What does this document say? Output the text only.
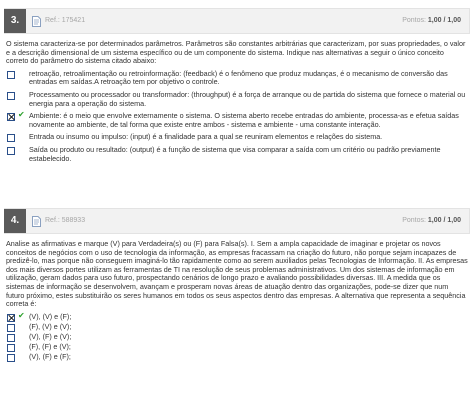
3.	Ref.: 175421	Pontos: 1,00 / 1,00
O sistema caracteriza-se por determinados parâmetros. Parâmetros são constantes arbitrárias que caracterizam, por suas propriedades, o valor e a descrição dimensional de um sistema específico ou de um componente do sistema. Indique nas alternativas a seguir o único conceito correto do parâmetro do sistema citado abaixo:
retroação, retroalimentação ou retroinformação: (feedback) é o fenômeno que produz mudanças, é o mecanismo de conversão das entradas em saídas.A retroação tem por objetivo o controle.
Processamento ou processador ou transformador: (throughput) é a força de arranque ou de partida do sistema que fornece o material ou energia para a operação do sistema.
✔ Ambiente: é o meio que envolve externamente o sistema. O sistema aberto recebe entradas do ambiente, processa-as e efetua saídas novamente ao ambiente, de tal forma que existe entre ambos - sistema e ambiente - uma constante interação.
Entrada ou insumo ou impulso: (input) é a finalidade para a qual se reuniram elementos e relações do sistema.
Saída ou produto ou resultado: (output) é a função de sistema que visa comparar a saída com um critério ou padrão previamente estabelecido.
4.	Ref.: 588933	Pontos: 1,00 / 1,00
Analise as afirmativas e marque (V) para Verdadeira(s) ou (F) para Falsa(s). I. Sem a ampla capacidade de imaginar e projetar os novos conceitos de negócios com o uso de tecnologia da informação, as empresas fracassam na criação do futuro, não porque sejam incapazes de predizê-lo, mas porque não conseguem imaginá-lo tão rapidamente como ao serem auxiliados pelas Tecnologias de Informação. II. As empresas dos mais diversos portes utilizam as ferramentas de TI na resolução de seus problemas administrativos. Um dos sistemas de informação em utilização, geram dados para uso futuro, prospectando cenários de longo prazo e avaliando possibilidades diversas. III. A medida que os sistemas de informação se desenvolvem, avançam e prosperam novas áreas de atuação dentro das organizações, pode-se dizer que num futuro próximo, estes substituirão os seres humanos em todos os seus aspectos dentro das empresas. A alternativa que representa a sequência correta é:
✔ (V), (V) e (F);
(F), (V) e (V);
(V), (F) e (V);
(F), (F) e (V);
(V), (F) e (F);
